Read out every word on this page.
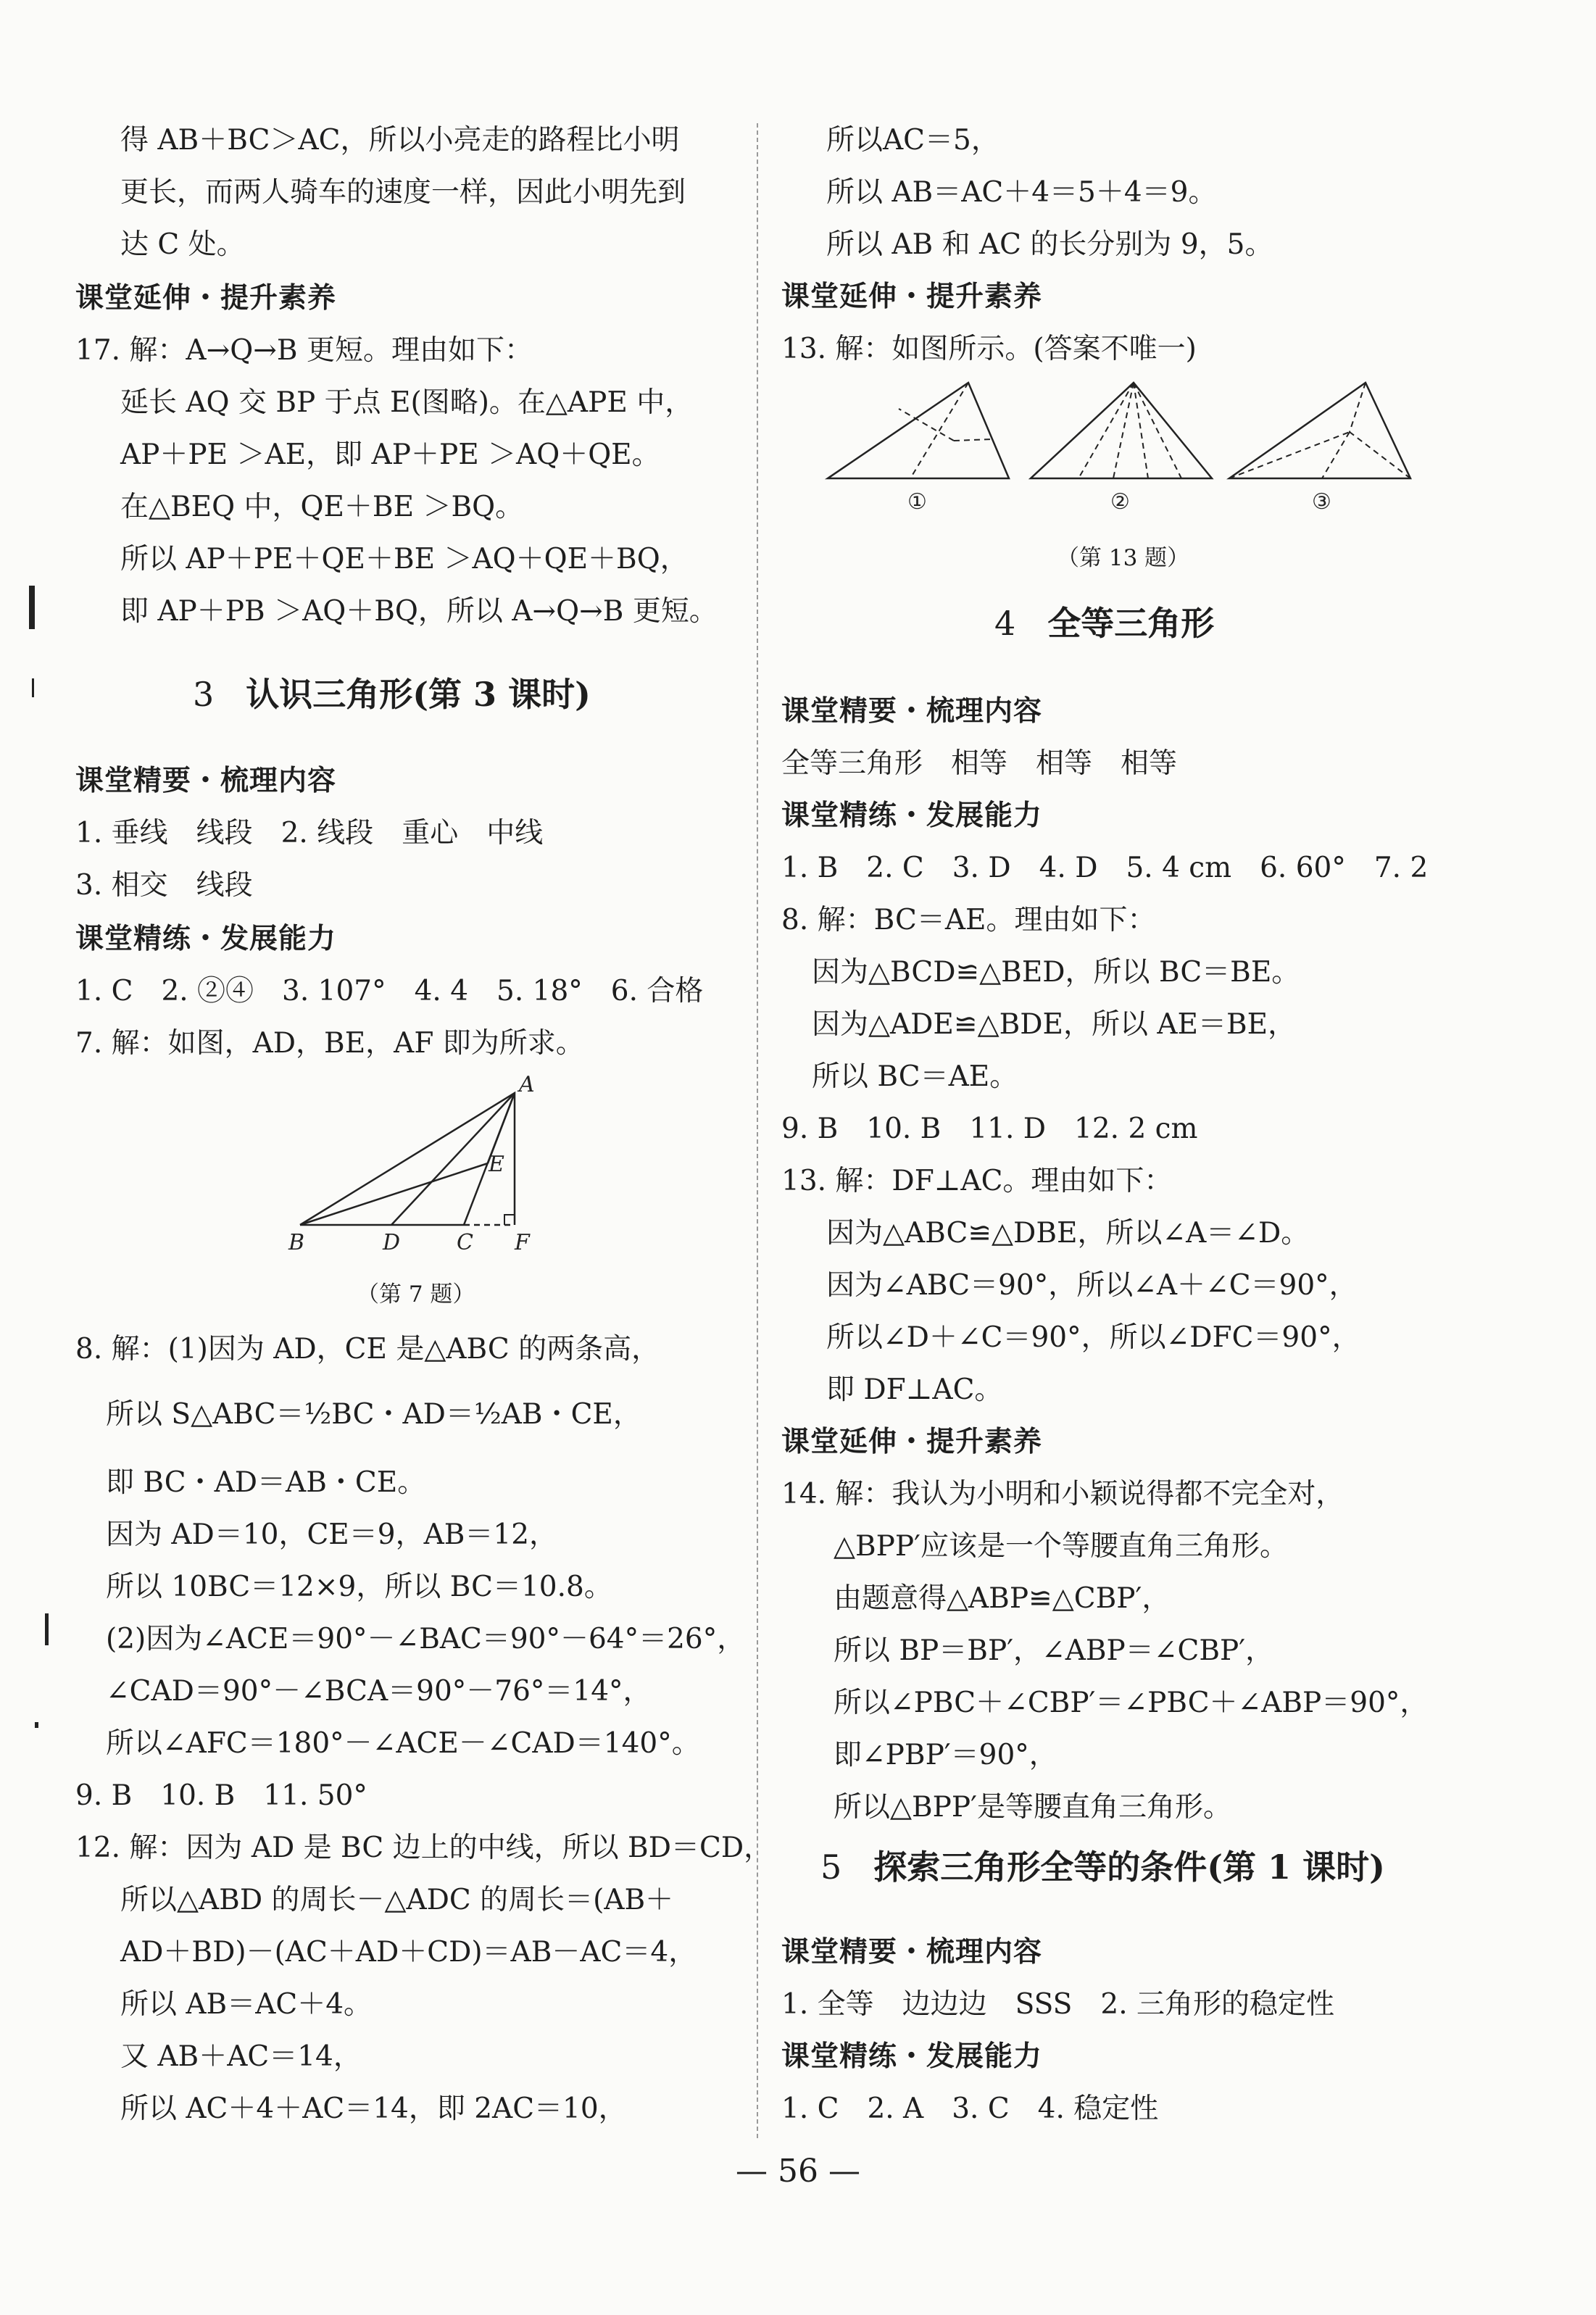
得 AB＋BC＞AC，所以小亮走的路程比小明
更长，而两人骑车的速度一样，因此小明先到
达 C 处。
课堂延伸・提升素养
17. 解：A→Q→B 更短。理由如下：
延长 AQ 交 BP 于点 E(图略)。在△APE 中，
AP＋PE ＞AE，即 AP＋PE ＞AQ＋QE。
在△BEQ 中，QE＋BE ＞BQ。
所以 AP＋PE＋QE＋BE ＞AQ＋QE＋BQ，
即 AP＋PB ＞AQ＋BQ，所以 A→Q→B 更短。
3 认识三角形(第 3 课时)
课堂精要・梳理内容
1. 垂线　线段　2. 线段　重心　中线
3. 相交　线段
课堂精练・发展能力
1. C　2. ②④　3. 107°　4. 4　5. 18°　6. 合格
7. 解：如图，AD，BE，AF 即为所求。
A
B	D	C
E
F
（第 7 题）
8. 解：(1)因为 AD，CE 是△ABC 的两条高，
所以 S△ABC＝½BC・AD＝½AB・CE，
即 BC・AD＝AB・CE。
因为 AD＝10，CE＝9，AB＝12，
所以 10BC＝12×9，所以 BC＝10.8。
(2)因为∠ACE＝90°－∠BAC＝90°－64°＝26°，
∠CAD＝90°－∠BCA＝90°－76°＝14°，
所以∠AFC＝180°－∠ACE－∠CAD＝140°。
9. B　10. B　11. 50°
12. 解：因为 AD 是 BC 边上的中线，所以 BD＝CD，
所以△ABD 的周长－△ADC 的周长＝(AB＋
AD＋BD)－(AC＋AD＋CD)＝AB－AC＝4，
所以 AB＝AC＋4。
又 AB＋AC＝14，
所以 AC＋4＋AC＝14，即 2AC＝10，
所以AC＝5，
所以 AB＝AC＋4＝5＋4＝9。
所以 AB 和 AC 的长分别为 9，5。
课堂延伸・提升素养
13. 解：如图所示。(答案不唯一)
①	②	③
（第 13 题）
4 全等三角形
课堂精要・梳理内容
全等三角形　相等　相等　相等
课堂精练・发展能力
1. B　2. C　3. D　4. D　5. 4 cm　6. 60°　7. 2
8. 解：BC＝AE。理由如下：
因为△BCD≌△BED，所以 BC＝BE。
因为△ADE≌△BDE，所以 AE＝BE，
所以 BC＝AE。
9. B　10. B　11. D　12. 2 cm
13. 解：DF⊥AC。理由如下：
因为△ABC≌△DBE，所以∠A＝∠D。
因为∠ABC＝90°，所以∠A＋∠C＝90°，
所以∠D＋∠C＝90°，所以∠DFC＝90°，
即 DF⊥AC。
课堂延伸・提升素养
14. 解：我认为小明和小颖说得都不完全对，
△BPP′应该是一个等腰直角三角形。
由题意得△ABP≌△CBP′，
所以 BP＝BP′，∠ABP＝∠CBP′，
所以∠PBC＋∠CBP′＝∠PBC＋∠ABP＝90°，
即∠PBP′＝90°，
所以△BPP′是等腰直角三角形。
5 探索三角形全等的条件(第 1 课时)
课堂精要・梳理内容
1. 全等　边边边　SSS　2. 三角形的稳定性
课堂精练・发展能力
1. C　2. A　3. C　4. 稳定性
— 56 —
